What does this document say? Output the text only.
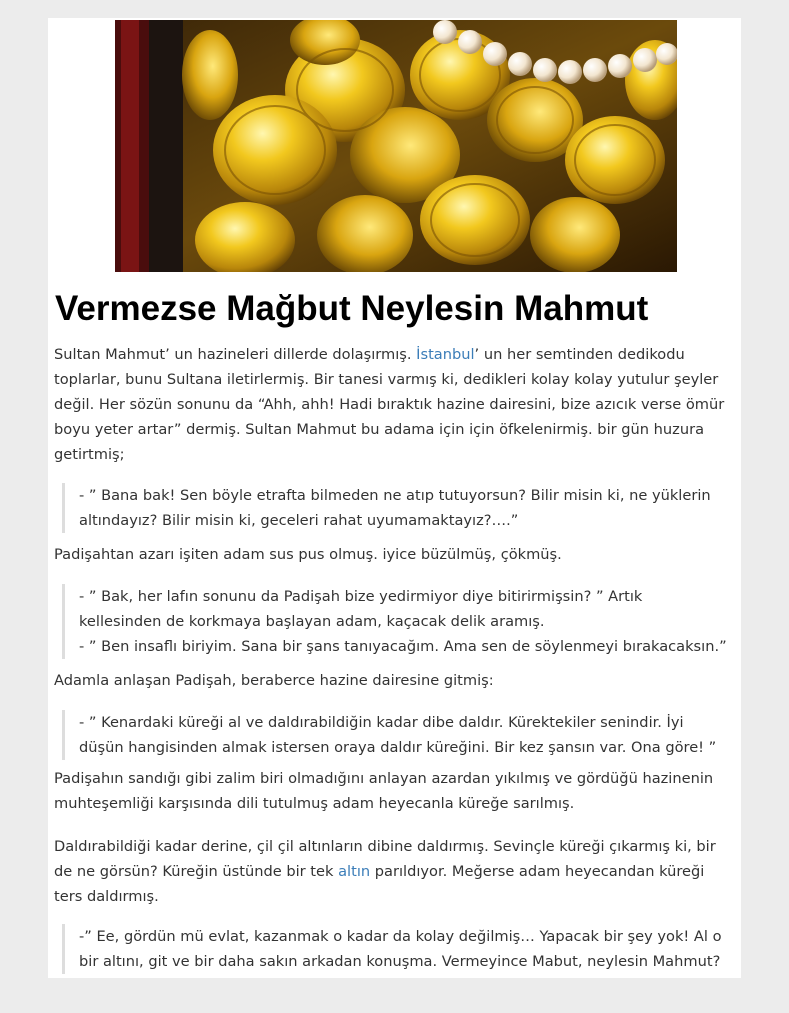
Vermezse Mağbut Neylesin Mahmut

Sultan Mahmut’ un hazineleri dillerde dolaşırmış. İstanbul’ un her semtinden dedikodu toplarlar, bunu Sultana iletirlermiş. Bir tanesi varmış ki, dedikleri kolay kolay yutulur şeyler değil. Her sözün sonunu da “Ahh, ahh! Hadi bıraktık hazine dairesini, bize azıcık verse ömür boyu yeter artar” dermiş. Sultan Mahmut bu adama için için öfkelenirmiş. bir gün huzura getirtmiş;

- ” Bana bak! Sen böyle etrafta bilmeden ne atıp tutuyorsun? Bilir misin ki, ne yüklerin altındayız? Bilir misin ki, geceleri rahat uyumamaktayız?….”

Padişahtan azarı işiten adam sus pus olmuş. iyice büzülmüş, çökmüş.

- ” Bak, her lafın sonunu da Padişah bize yedirmiyor diye bitirirmişsin? ” Artık kellesinden de korkmaya başlayan adam, kaçacak delik aramış.

- ” Ben insaflı biriyim. Sana bir şans tanıyacağım. Ama sen de söylenmeyi bırakacaksın.”

Adamla anlaşan Padişah, beraberce hazine dairesine gitmiş:

- ” Kenardaki küreği al ve daldırabildiğin kadar dibe daldır. Kürektekiler senindir. İyi düşün hangisinden almak istersen oraya daldır küreğini. Bir kez şansın var. Ona göre! ”

Padişahın sandığı gibi zalim biri olmadığını anlayan azardan yıkılmış ve gördüğü hazinenin muhteşemliği karşısında dili tutulmuş adam heyecanla küreğe sarılmış.

Daldırabildiği kadar derine, çil çil altınların dibine daldırmış. Sevinçle küreği çıkarmış ki, bir de ne görsün? Küreğin üstünde bir tek altın parıldıyor. Meğerse adam heyecandan küreği ters daldırmış.

-” Ee, gördün mü evlat, kazanmak o kadar da kolay değilmiş… Yapacak bir şey yok! Al o bir altını, git ve bir daha sakın arkadan konuşma. Vermeyince Mabut, neylesin Mahmut?
